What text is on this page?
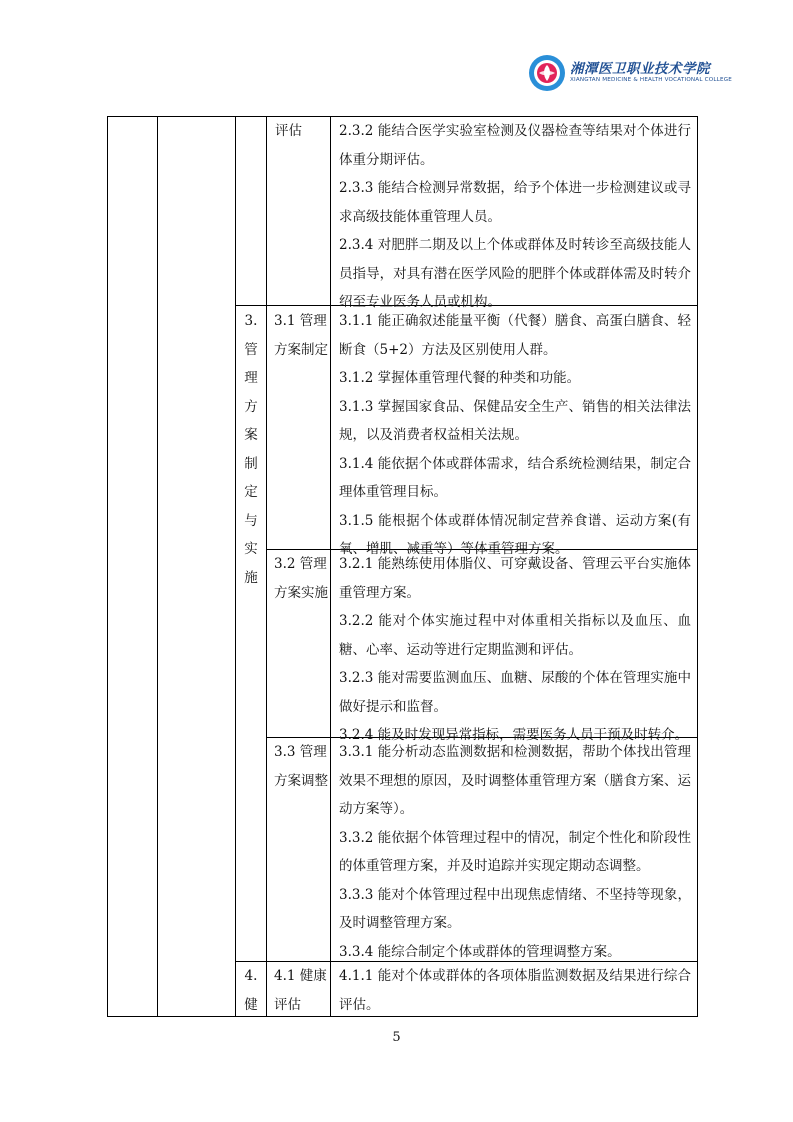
湘潭医卫职业技术学院
XIANGTAN MEDICINE & HEALTH VOCATIONAL COLLEGE
评估	2.3.2 能结合医学实验室检测及仪器检查等结果对个体进行体重分期评估。

2.3.3 能结合检测异常数据，给予个体进一步检测建议或寻求高级技能体重管理人员。

2.3.4 对肥胖二期及以上个体或群体及时转诊至高级技能人员指导，对具有潜在医学风险的肥胖个体或群体需及时转介绍至专业医务人员或机构。

3.
管
理
方
案
制
定
与
实
施
3.1 管理方案制定

3.1.1 能正确叙述能量平衡（代餐）膳食、高蛋白膳食、轻断食（5+2）方法及区别使用人群。

3.1.2 掌握体重管理代餐的种类和功能。

3.1.3 掌握国家食品、保健品安全生产、销售的相关法律法规，以及消费者权益相关法规。

3.1.4 能依据个体或群体需求，结合系统检测结果，制定合理体重管理目标。

3.1.5 能根据个体或群体情况制定营养食谱、运动方案(有氧、增肌、减重等）等体重管理方案。

3.2 管理方案实施

3.2.1 能熟练使用体脂仪、可穿戴设备、管理云平台实施体重管理方案。

3.2.2 能对个体实施过程中对体重相关指标以及血压、血糖、心率、运动等进行定期监测和评估。

3.2.3 能对需要监测血压、血糖、尿酸的个体在管理实施中做好提示和监督。

3.2.4 能及时发现异常指标，需要医务人员干预及时转介。

3.3 管理方案调整

3.3.1 能分析动态监测数据和检测数据，帮助个体找出管理效果不理想的原因，及时调整体重管理方案（膳食方案、运动方案等）。

3.3.2 能依据个体管理过程中的情况，制定个性化和阶段性的体重管理方案，并及时追踪并实现定期动态调整。

3.3.3 能对个体管理过程中出现焦虑情绪、不坚持等现象，及时调整管理方案。

3.3.4 能综合制定个体或群体的管理调整方案。

4.
健
4.1 健康评估

4.1.1 能对个体或群体的各项体脂监测数据及结果进行综合评估。

5
